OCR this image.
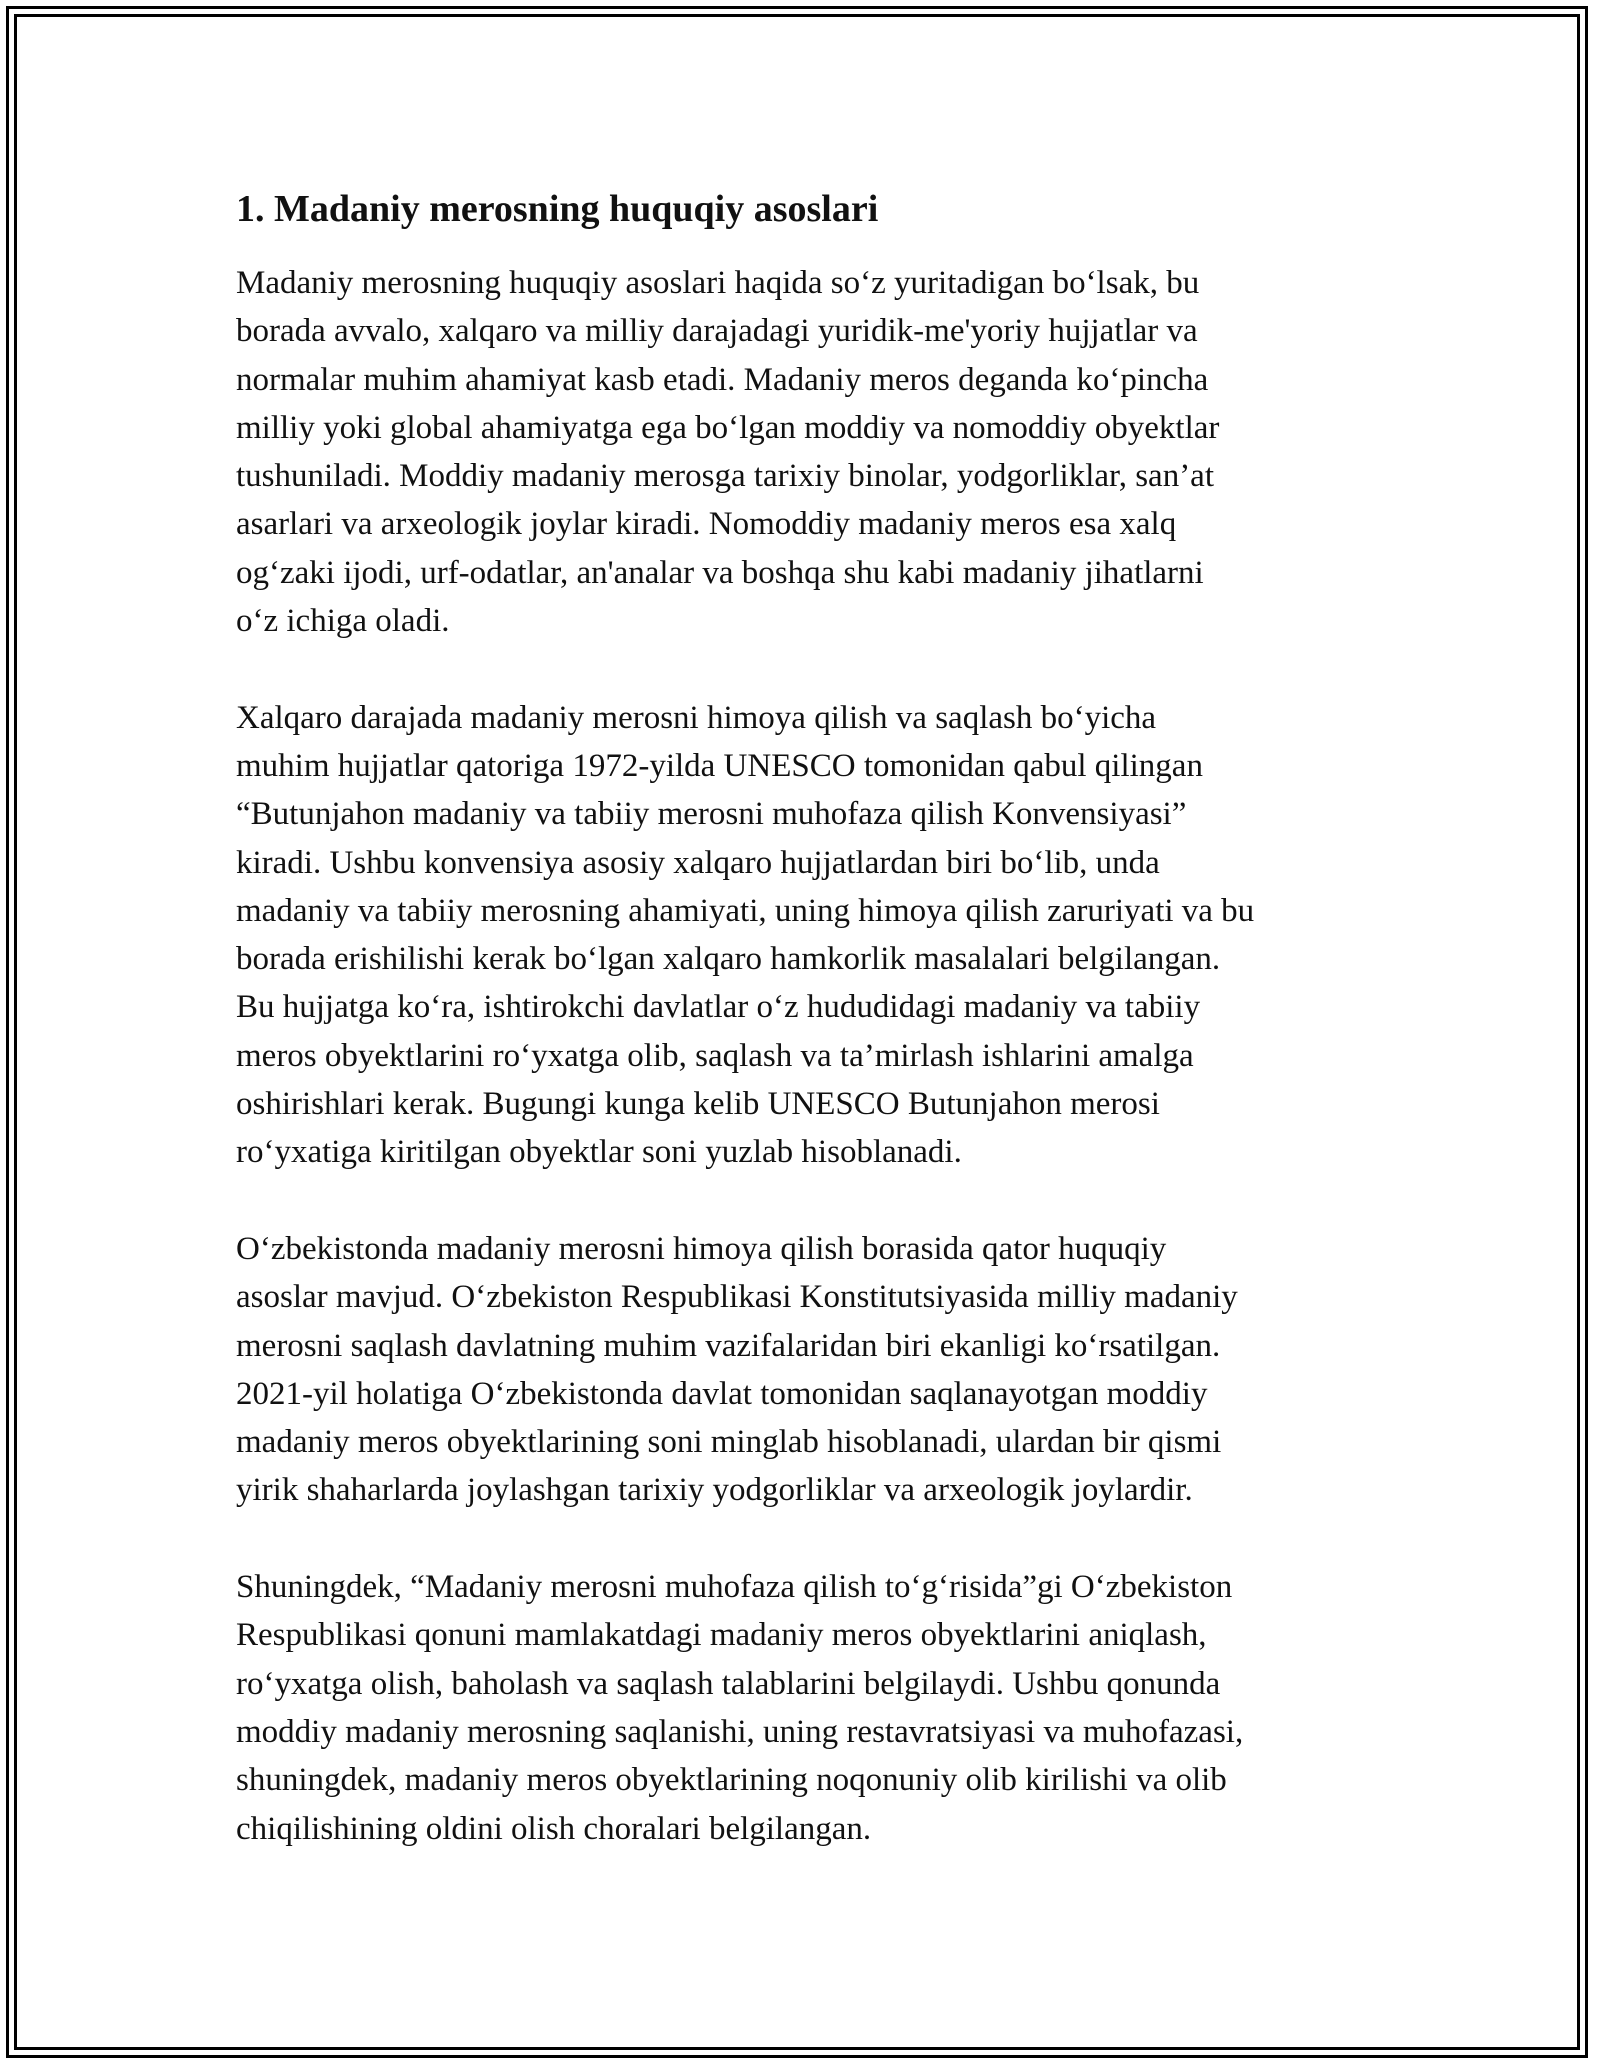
1. Madaniy merosning huquqiy asoslari

Madaniy merosning huquqiy asoslari haqida so‘z yuritadigan bo‘lsak, bu
borada avvalo, xalqaro va milliy darajadagi yuridik-me'yoriy hujjatlar va
normalar muhim ahamiyat kasb etadi. Madaniy meros deganda ko‘pincha
milliy yoki global ahamiyatga ega bo‘lgan moddiy va nomoddiy obyektlar
tushuniladi. Moddiy madaniy merosga tarixiy binolar, yodgorliklar, san’at
asarlari va arxeologik joylar kiradi. Nomoddiy madaniy meros esa xalq
og‘zaki ijodi, urf-odatlar, an'analar va boshqa shu kabi madaniy jihatlarni
o‘z ichiga oladi.

Xalqaro darajada madaniy merosni himoya qilish va saqlash bo‘yicha
muhim hujjatlar qatoriga 1972-yilda UNESCO tomonidan qabul qilingan
“Butunjahon madaniy va tabiiy merosni muhofaza qilish Konvensiyasi”
kiradi. Ushbu konvensiya asosiy xalqaro hujjatlardan biri bo‘lib, unda
madaniy va tabiiy merosning ahamiyati, uning himoya qilish zaruriyati va bu
borada erishilishi kerak bo‘lgan xalqaro hamkorlik masalalari belgilangan.
Bu hujjatga ko‘ra, ishtirokchi davlatlar o‘z hududidagi madaniy va tabiiy
meros obyektlarini ro‘yxatga olib, saqlash va ta’mirlash ishlarini amalga
oshirishlari kerak. Bugungi kunga kelib UNESCO Butunjahon merosi
ro‘yxatiga kiritilgan obyektlar soni yuzlab hisoblanadi.

O‘zbekistonda madaniy merosni himoya qilish borasida qator huquqiy
asoslar mavjud. O‘zbekiston Respublikasi Konstitutsiyasida milliy madaniy
merosni saqlash davlatning muhim vazifalaridan biri ekanligi ko‘rsatilgan.
2021-yil holatiga O‘zbekistonda davlat tomonidan saqlanayotgan moddiy
madaniy meros obyektlarining soni minglab hisoblanadi, ulardan bir qismi
yirik shaharlarda joylashgan tarixiy yodgorliklar va arxeologik joylardir.

Shuningdek, “Madaniy merosni muhofaza qilish to‘g‘risida”gi O‘zbekiston
Respublikasi qonuni mamlakatdagi madaniy meros obyektlarini aniqlash,
ro‘yxatga olish, baholash va saqlash talablarini belgilaydi. Ushbu qonunda
moddiy madaniy merosning saqlanishi, uning restavratsiyasi va muhofazasi,
shuningdek, madaniy meros obyektlarining noqonuniy olib kirilishi va olib
chiqilishining oldini olish choralari belgilangan.
